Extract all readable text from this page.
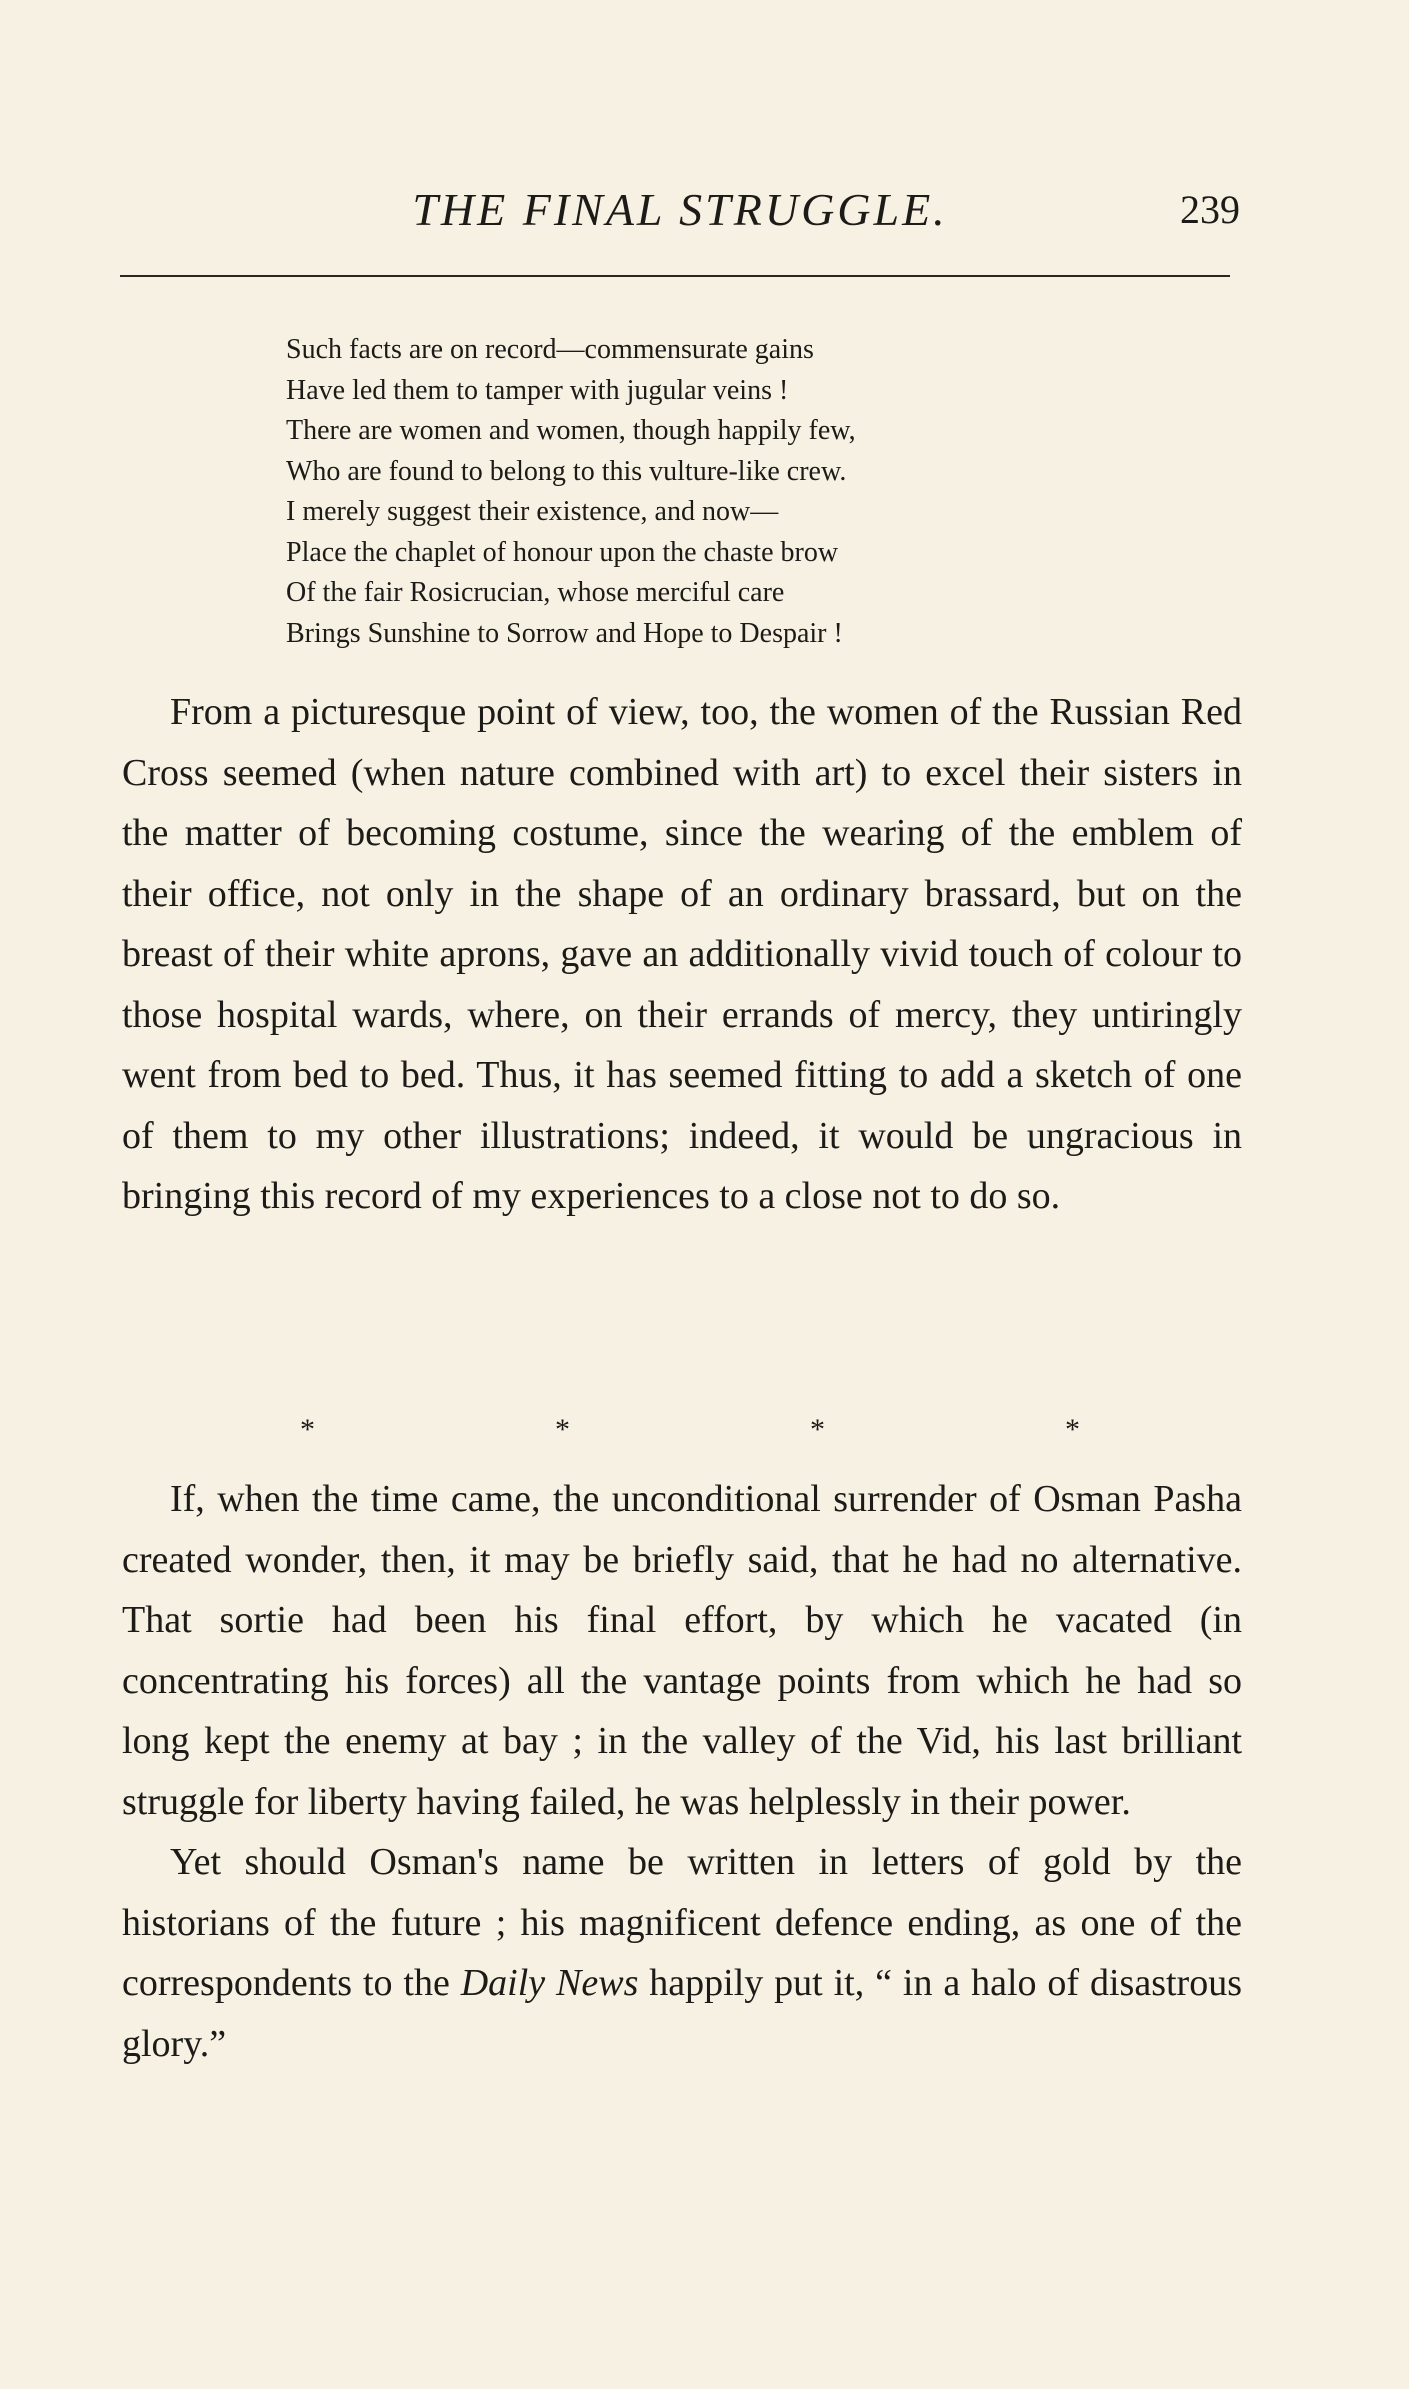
THE FINAL STRUGGLE.	239
Such facts are on record—commensurate gains
Have led them to tamper with jugular veins !
There are women and women, though happily few,
Who are found to belong to this vulture-like crew.
I merely suggest their existence, and now—
Place the chaplet of honour upon the chaste brow
Of the fair Rosicrucian, whose merciful care
Brings Sunshine to Sorrow and Hope to Despair !

From a picturesque point of view, too, the women of the Russian Red Cross seemed (when nature combined with art) to excel their sisters in the matter of becoming costume, since the wearing of the emblem of their office, not only in the shape of an ordinary brassard, but on the breast of their white aprons, gave an additionally vivid touch of colour to those hospital wards, where, on their errands of mercy, they untiringly went from bed to bed. Thus, it has seemed fitting to add a sketch of one of them to my other illustrations; indeed, it would be ungracious in bringing this record of my experiences to a close not to do so.

*	*	*	*

If, when the time came, the unconditional surrender of Osman Pasha created wonder, then, it may be briefly said, that he had no alternative. That sortie had been his final effort, by which he vacated (in concentrating his forces) all the vantage points from which he had so long kept the enemy at bay ; in the valley of the Vid, his last brilliant struggle for liberty having failed, he was helplessly in their power.

Yet should Osman's name be written in letters of gold by the historians of the future ; his magnificent defence ending, as one of the correspondents to the Daily News happily put it, “ in a halo of disastrous glory.”
